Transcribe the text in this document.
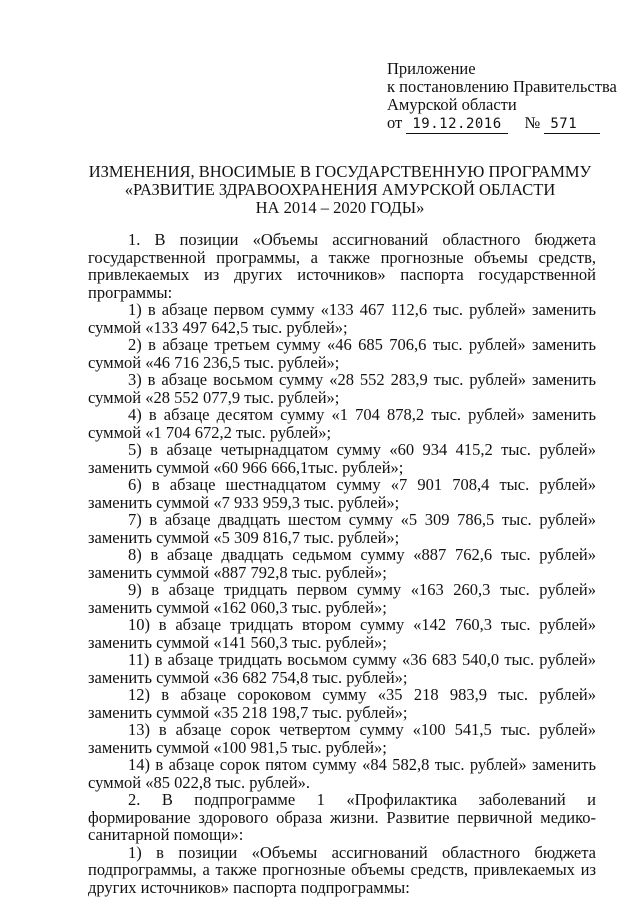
Приложение
к постановлению Правительства
Амурской области
от 19.12.2016 № 571
ИЗМЕНЕНИЯ, ВНОСИМЫЕ В ГОСУДАРСТВЕННУЮ ПРОГРАММУ
«РАЗВИТИЕ ЗДРАВООХРАНЕНИЯ АМУРСКОЙ ОБЛАСТИ
НА 2014 – 2020 ГОДЫ»
1. В позиции «Объемы ассигнований областного бюджета государственной программы, а также прогнозные объемы средств, привлекаемых из других источников» паспорта государственной программы:
1) в абзаце первом сумму «133 467 112,6 тыс. рублей» заменить суммой «133 497 642,5 тыс. рублей»;
2) в абзаце третьем сумму «46 685 706,6 тыс. рублей» заменить суммой «46 716 236,5 тыс. рублей»;
3) в абзаце восьмом сумму «28 552 283,9 тыс. рублей» заменить суммой «28 552 077,9 тыс. рублей»;
4) в абзаце десятом сумму «1 704 878,2 тыс. рублей» заменить суммой «1 704 672,2 тыс. рублей»;
5) в абзаце четырнадцатом сумму «60 934 415,2 тыс. рублей» заменить суммой «60 966 666,1тыс. рублей»;
6) в абзаце шестнадцатом сумму «7 901 708,4 тыс. рублей» заменить суммой «7 933 959,3 тыс. рублей»;
7) в абзаце двадцать шестом сумму «5 309 786,5 тыс. рублей» заменить суммой «5 309 816,7 тыс. рублей»;
8) в абзаце двадцать седьмом сумму «887 762,6 тыс. рублей» заменить суммой «887 792,8 тыс. рублей»;
9) в абзаце тридцать первом сумму «163 260,3 тыс. рублей» заменить суммой «162 060,3 тыс. рублей»;
10) в абзаце тридцать втором сумму «142 760,3 тыс. рублей» заменить суммой «141 560,3 тыс. рублей»;
11) в абзаце тридцать восьмом сумму «36 683 540,0 тыс. рублей» заменить суммой «36 682 754,8 тыс. рублей»;
12) в абзаце сороковом сумму «35 218 983,9 тыс. рублей» заменить суммой «35 218 198,7 тыс. рублей»;
13) в абзаце сорок четвертом сумму «100 541,5 тыс. рублей» заменить суммой «100 981,5 тыс. рублей»;
14) в абзаце сорок пятом сумму «84 582,8 тыс. рублей» заменить суммой «85 022,8 тыс. рублей».
2. В подпрограмме 1 «Профилактика заболеваний и формирование здорового образа жизни. Развитие первичной медико-санитарной помощи»:
1) в позиции «Объемы ассигнований областного бюджета подпрограммы, а также прогнозные объемы средств, привлекаемых из других источников» паспорта подпрограммы:
